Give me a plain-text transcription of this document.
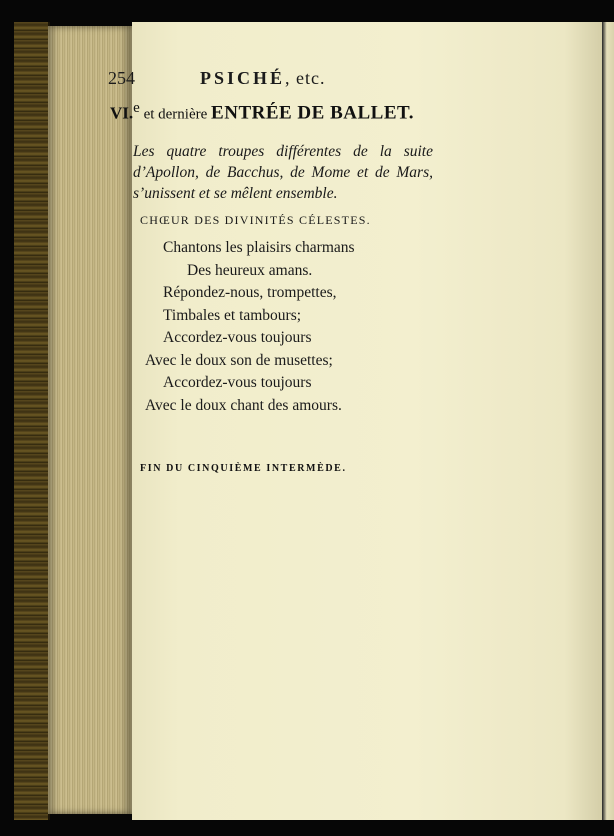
254	PSICHÉ, etc.
VI.$^e$ et dernière ENTRÉE DE BALLET.
Les quatre troupes différentes de la suite
d’Apollon, de Bacchus, de Mome et de Mars,
s’unissent et se mêlent ensemble.
CHŒUR DES DIVINITÉS CÉLESTES.
Chantons les plaisirs charmans
Des heureux amans.
Répondez-nous, trompettes,
Timbales et tambours;
Accordez-vous toujours
Avec le doux son de musettes;
Accordez-vous toujours
Avec le doux chant des amours.
FIN DU CINQUIÈME INTERMÈDE.
